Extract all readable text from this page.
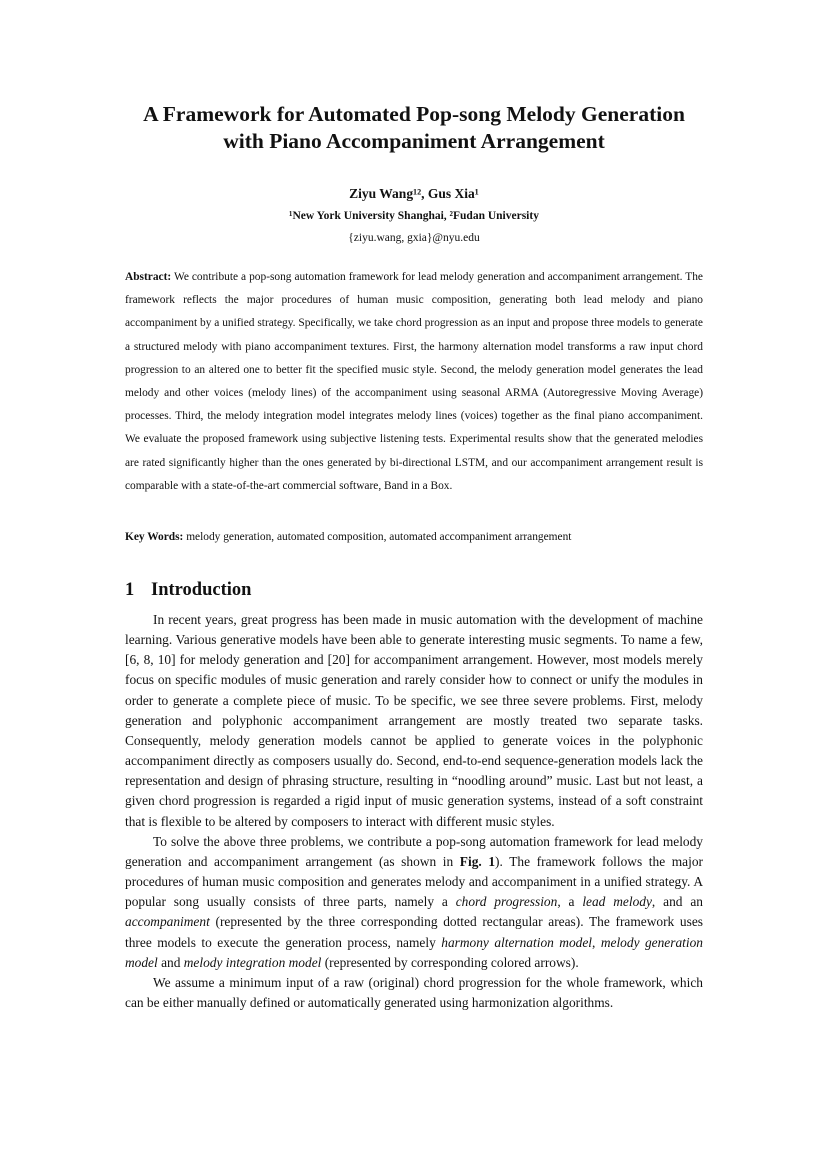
A Framework for Automated Pop-song Melody Generation
with Piano Accompaniment Arrangement
Ziyu Wang¹², Gus Xia¹
¹New York University Shanghai, ²Fudan University
{ziyu.wang, gxia}@nyu.edu
Abstract: We contribute a pop-song automation framework for lead melody generation and accompaniment arrangement. The framework reflects the major procedures of human music composition, generating both lead melody and piano accompaniment by a unified strategy. Specifically, we take chord progression as an input and propose three models to generate a structured melody with piano accompaniment textures. First, the harmony alternation model transforms a raw input chord progression to an altered one to better fit the specified music style. Second, the melody generation model generates the lead melody and other voices (melody lines) of the accompaniment using seasonal ARMA (Autoregressive Moving Average) processes. Third, the melody integration model integrates melody lines (voices) together as the final piano accompaniment. We evaluate the proposed framework using subjective listening tests. Experimental results show that the generated melodies are rated significantly higher than the ones generated by bi-directional LSTM, and our accompaniment arrangement result is comparable with a state-of-the-art commercial software, Band in a Box.
Key Words: melody generation, automated composition, automated accompaniment arrangement
1 Introduction

In recent years, great progress has been made in music automation with the development of machine learning. Various generative models have been able to generate interesting music segments. To name a few, [6, 8, 10] for melody generation and [20] for accompaniment arrangement. However, most models merely focus on specific modules of music generation and rarely consider how to connect or unify the modules in order to generate a complete piece of music. To be specific, we see three severe problems. First, melody generation and polyphonic accompaniment arrangement are mostly treated two separate tasks. Consequently, melody generation models cannot be applied to generate voices in the polyphonic accompaniment directly as composers usually do. Second, end-to-end sequence-generation models lack the representation and design of phrasing structure, resulting in “noodling around” music. Last but not least, a given chord progression is regarded a rigid input of music generation systems, instead of a soft constraint that is flexible to be altered by composers to interact with different music styles.

To solve the above three problems, we contribute a pop-song automation framework for lead melody generation and accompaniment arrangement (as shown in Fig. 1). The framework follows the major procedures of human music composition and generates melody and accompaniment in a unified strategy. A popular song usually consists of three parts, namely a chord progression, a lead melody, and an accompaniment (represented by the three corresponding dotted rectangular areas). The framework uses three models to execute the generation process, namely harmony alternation model, melody generation model and melody integration model (represented by corresponding colored arrows).

We assume a minimum input of a raw (original) chord progression for the whole framework, which can be either manually defined or automatically generated using harmonization algorithms.
